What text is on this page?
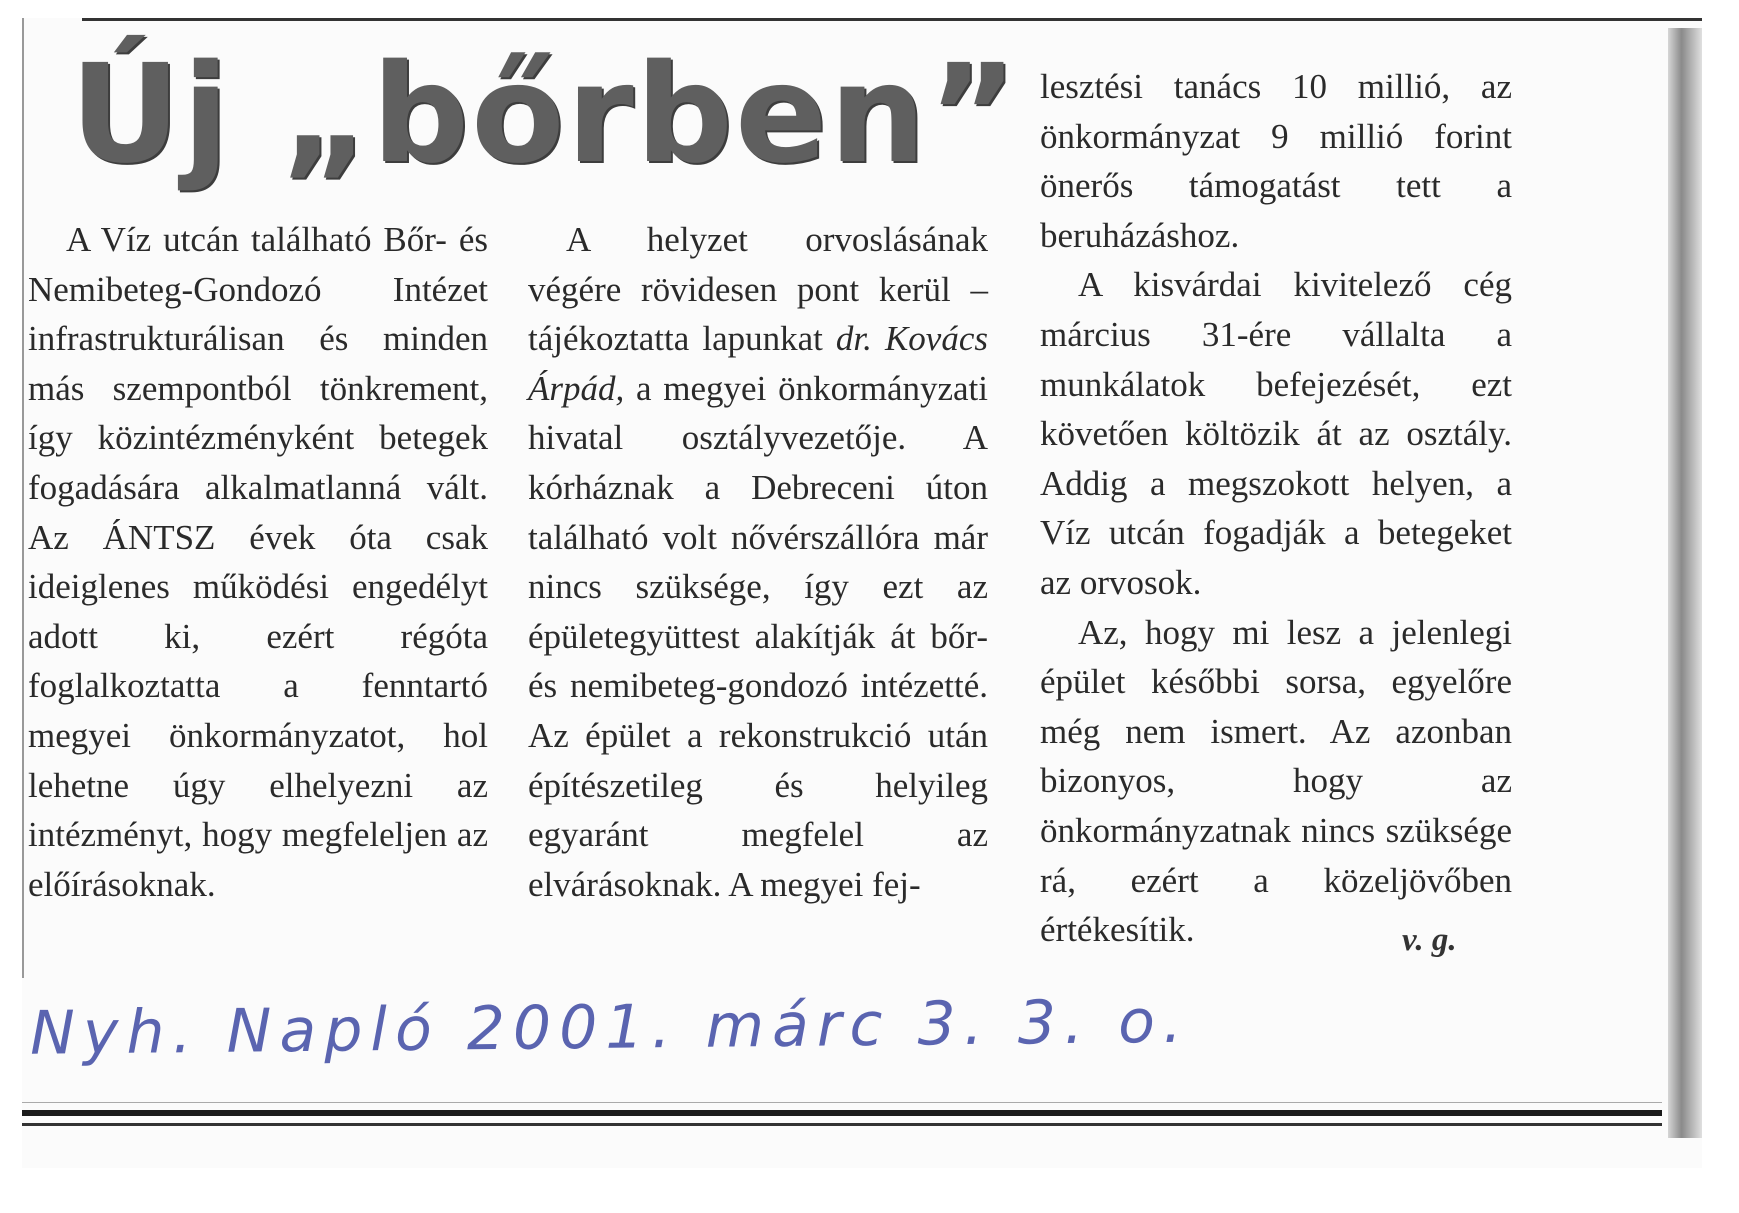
Új „bőrben”

A Víz utcán található Bőr- és Nemibeteg-Gondozó Intézet infrastrukturálisan és minden más szempontból tönkrement, így közintézményként betegek fogadására alkalmatlanná vált. Az ÁNTSZ évek óta csak ideiglenes működési engedélyt adott ki, ezért régóta foglalkoztatta a fenntartó megyei önkormányzatot, hol lehetne úgy elhelyezni az intézményt, hogy megfeleljen az előírásoknak.

A helyzet orvoslásának végére rövidesen pont kerül – tájékoztatta lapunkat dr. Kovács Árpád, a megyei önkormányzati hivatal osztályvezetője. A kórháznak a Debreceni úton található volt nővérszállóra már nincs szüksége, így ezt az épületegyüttest alakítják át bőr- és nemibeteg-gondozó intézetté. Az épület a rekonstrukció után építészetileg és helyileg egyaránt megfelel az elvárásoknak. A megyei fej-

lesztési tanács 10 millió, az önkormányzat 9 millió forint önerős támogatást tett a beruházáshoz.

A kisvárdai kivitelező cég március 31-ére vállalta a munkálatok befejezését, ezt követően költözik át az osztály. Addig a megszokott helyen, a Víz utcán fogadják a betegeket az orvosok.

Az, hogy mi lesz a jelenlegi épület későbbi sorsa, egyelőre még nem ismert. Az azonban bizonyos, hogy az önkormányzatnak nincs szüksége rá, ezért a közeljövőben értékesítik.	v. g.
Nyh. Napló 2001. márc 3. 3. o.
